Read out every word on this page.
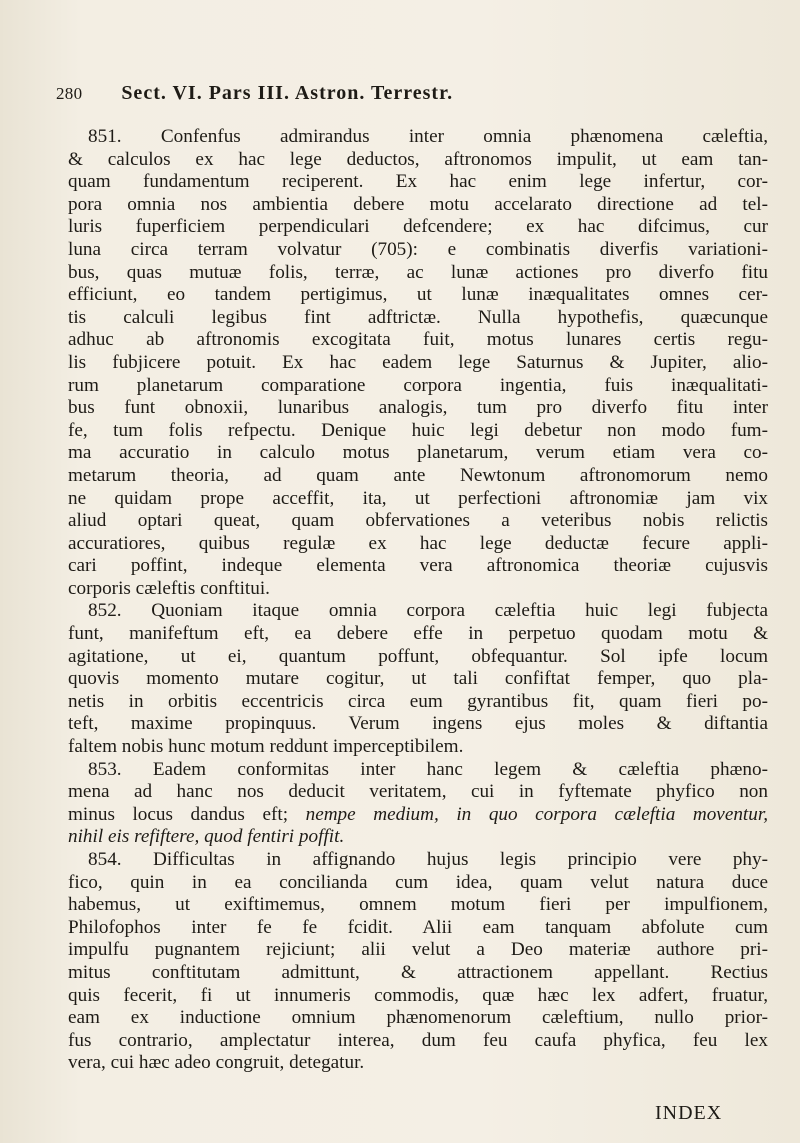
280 Sect. VI. Pars III. Astron. Terrestr.
851. Confenfus admirandus inter omnia phænomena cæleftia,
& calculos ex hac lege deductos, aftronomos impulit, ut eam tan-
quam fundamentum reciperent. Ex hac enim lege infertur, cor-
pora omnia nos ambientia debere motu accelarato directione ad tel-
luris fuperficiem perpendiculari defcendere; ex hac difcimus, cur
luna circa terram volvatur (705): e combinatis diverfis variationi-
bus, quas mutuæ folis, terræ, ac lunæ actiones pro diverfo fitu
efficiunt, eo tandem pertigimus, ut lunæ inæqualitates omnes cer-
tis calculi legibus fint adftrictæ. Nulla hypothefis, quæcunque
adhuc ab aftronomis excogitata fuit, motus lunares certis regu-
lis fubjicere potuit. Ex hac eadem lege Saturnus & Jupiter, alio-
rum planetarum comparatione corpora ingentia, fuis inæqualitati-
bus funt obnoxii, lunaribus analogis, tum pro diverfo fitu inter
fe, tum folis refpectu. Denique huic legi debetur non modo fum-
ma accuratio in calculo motus planetarum, verum etiam vera co-
metarum theoria, ad quam ante Newtonum aftronomorum nemo
ne quidam prope acceffit, ita, ut perfectioni aftronomiæ jam vix
aliud optari queat, quam obfervationes a veteribus nobis relictis
accuratiores, quibus regulæ ex hac lege deductæ fecure appli-
cari poffint, indeque elementa vera aftronomica theoriæ cujusvis
corporis cæleftis conftitui.
852. Quoniam itaque omnia corpora cæleftia huic legi fubjecta
funt, manifeftum eft, ea debere effe in perpetuo quodam motu &
agitatione, ut ei, quantum poffunt, obfequantur. Sol ipfe locum
quovis momento mutare cogitur, ut tali confiftat femper, quo pla-
netis in orbitis eccentricis circa eum gyrantibus fit, quam fieri po-
teft, maxime propinquus. Verum ingens ejus moles & diftantia
faltem nobis hunc motum reddunt imperceptibilem.
853. Eadem conformitas inter hanc legem & cæleftia phæno-
mena ad hanc nos deducit veritatem, cui in fyftemate phyfico non
minus locus dandus eft; nempe medium, in quo corpora cæleftia moventur,
nihil eis refiftere, quod fentiri poffit.
854. Difficultas in affignando hujus legis principio vere phy-
fico, quin in ea concilianda cum idea, quam velut natura duce
habemus, ut exiftimemus, omnem motum fieri per impulfionem,
Philofophos inter fe fe fcidit. Alii eam tanquam abfolute cum
impulfu pugnantem rejiciunt; alii velut a Deo materiæ authore pri-
mitus conftitutam admittunt, & attractionem appellant. Rectius
quis fecerit, fi ut innumeris commodis, quæ hæc lex adfert, fruatur,
eam ex inductione omnium phænomenorum cæleftium, nullo prior-
fus contrario, amplectatur interea, dum feu caufa phyfica, feu lex
vera, cui hæc adeo congruit, detegatur.
INDEX
